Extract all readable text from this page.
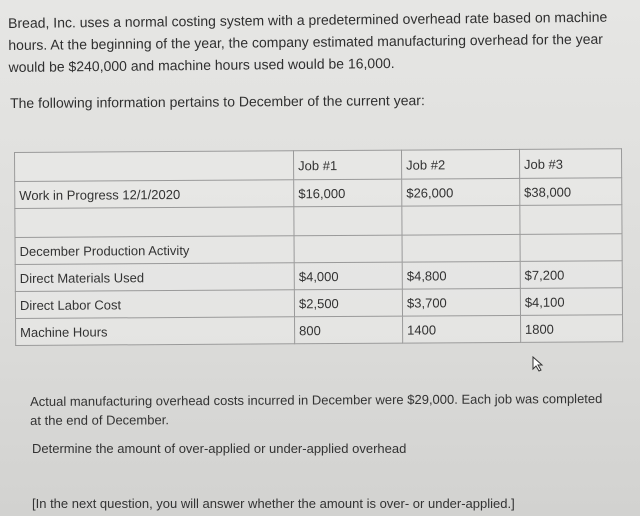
Bread, Inc. uses a normal costing system with a predetermined overhead rate based on machine

hours. At the beginning of the year, the company estimated manufacturing overhead for the year

would be $240,000 and machine hours used would be 16,000.

The following information pertains to December of the current year:
	Job #1	Job #2	Job #3
Work in Progress 12/1/2020	$16,000	$26,000	$38,000

December Production Activity			
Direct Materials Used	$4,000	$4,800	$7,200
Direct Labor Cost	$2,500	$3,700	$4,100
Machine Hours	800	1400	1800

Actual manufacturing overhead costs incurred in December were $29,000. Each job was completed

at the end of December.

Determine the amount of over-applied or under-applied overhead
[In the next question, you will answer whether the amount is over- or under-applied.]
